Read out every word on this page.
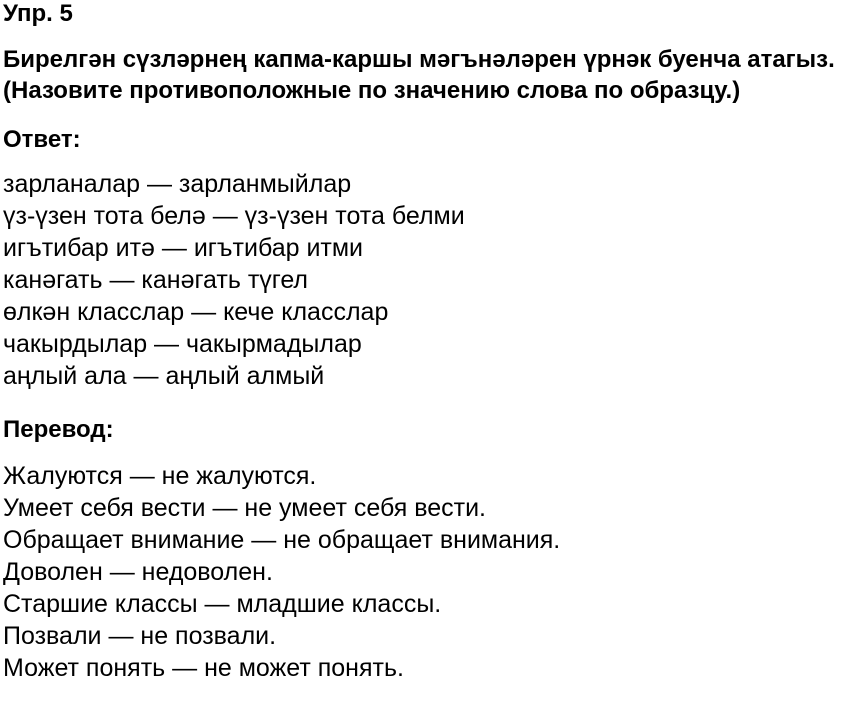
Упр. 5

Бирелгән сүзләрнең капма-каршы мәгънәләрен үрнәк буенча атагыз. (Назовите противоположные по значению слова по образцу.)

Ответ:
зарланалар — зарланмыйлар
үз-үзен тота белә — үз-үзен тота белми
игътибар итә — игътибар итми
канәгать — канәгать түгел
өлкән класслар — кече класслар
чакырдылар — чакырмадылар
аңлый ала — аңлый алмый
Перевод:
Жалуются — не жалуются.
Умеет себя вести — не умеет себя вести.
Обращает внимание — не обращает внимания.
Доволен — недоволен.
Старшие классы — младшие классы.
Позвали — не позвали.
Может понять — не может понять.
